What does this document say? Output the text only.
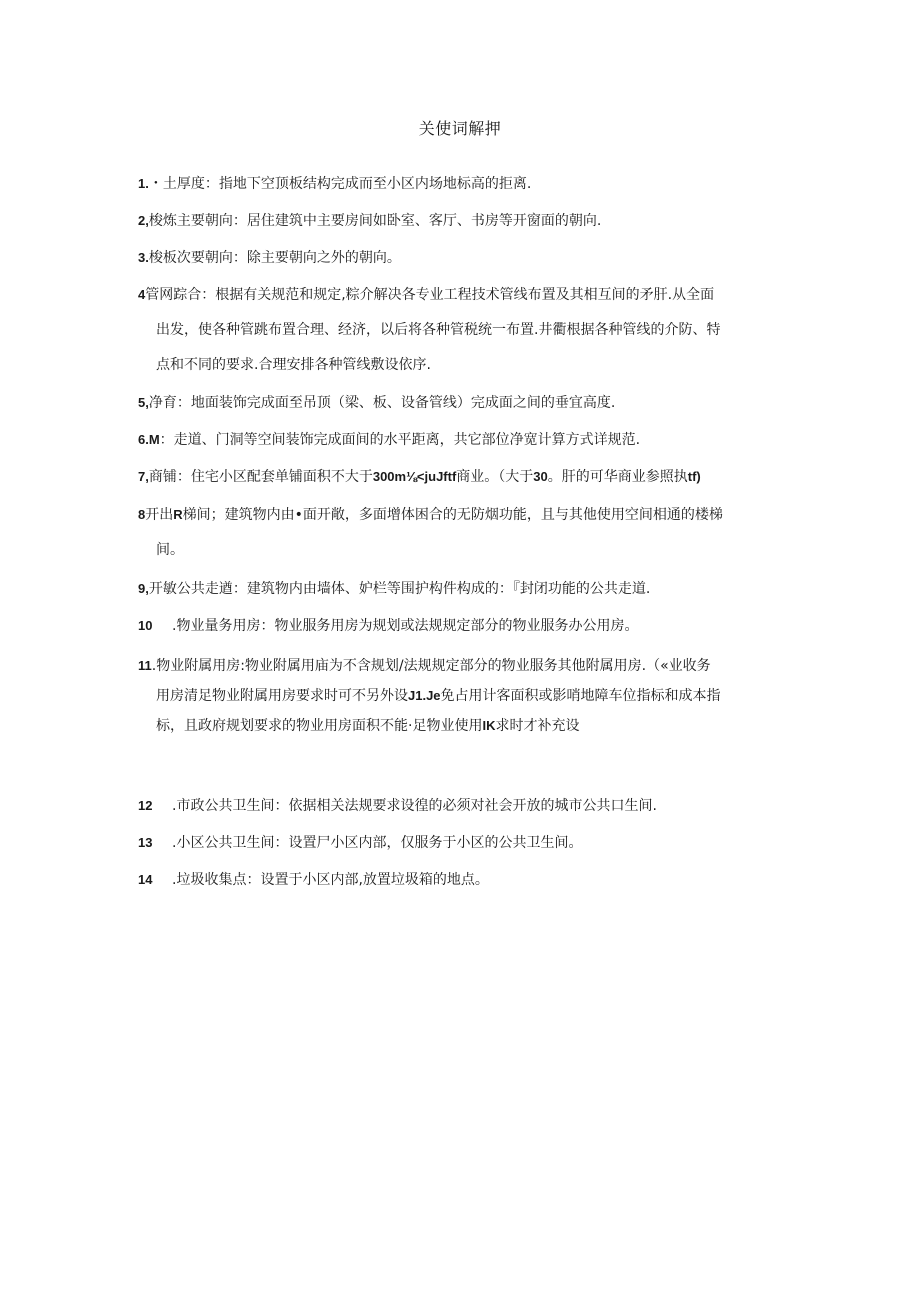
关使词解押
1.・土厚度：指地下空顶板结构完成而至小区内场地标高的拒离.
2,梭炼主要朝向：居住建筑中主要房间如卧室、客厅、书房等开窗面的朝向.
3.梭板次要朝向：除主要朝向之外的朝向。
4管网踪合：根据有关规范和规定,粽介解决各专业工程技术管线布置及其相互间的矛肝.从全面
出发，使各种管跳布置合理、经济，以后将各种管税统一布置.井衢根据各种管线的介防、特
点和不同的要求.合理安排各种管线敷设依序.
5,净育：地面装饰完成面至吊顶（梁、板、设备管线）完成面之间的垂宜高度.
6.M：走道、门洞等空间装饰完成面间的水平距离，共它部位净宽计算方式详规范.
7,商铺：住宅小区配套单铺面积不大于300m⅛<juJftf商业。（大于30。肝的可华商业参照执tf)
8开出R梯间；建筑物内由•面开敞，多面增体困合的无防烟功能，且与其他使用空间相通的楼梯
间。
9,开敏公共走遒：建筑物内由墙体、妒栏等围护构件构成的：『封闭功能的公共走道.
10 .物业量务用房：物业服务用房为规划或法规规定部分的物业服务办公用房。
11.物业附属用房:物业附属用庙为不含规划/法规规定部分的物业服务其他附属用房.（«业收务
用房清足物业附属用房要求时可不另外设J1.Je免占用计客面积或影哨地障车位指标和成本指
标，且政府规划要求的物业用房面积不能·足物业使用IK求时才补充设
12 .市政公共卫生间：依据相关法规要求设徨的必须对社会开放的城市公共口生间.
13 .小区公共卫生间：设置尸小区内部，仅服务于小区的公共卫生间。
14 .垃圾收集点：设置于小区内部,放置垃圾箱的地点。
